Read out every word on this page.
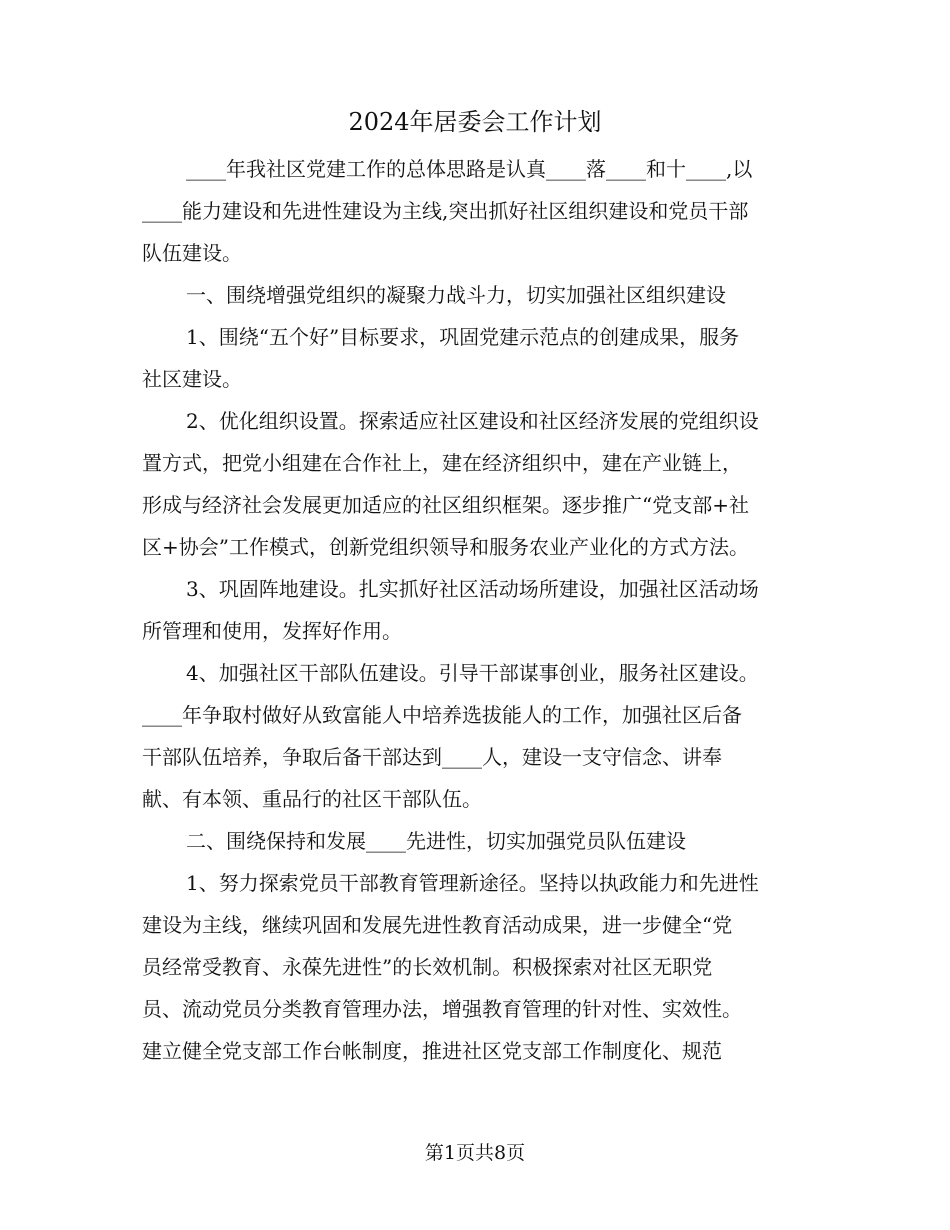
2024年居委会工作计划
____年我社区党建工作的总体思路是认真____落____和十____,以
____能力建设和先进性建设为主线,突出抓好社区组织建设和党员干部
队伍建设。
一、围绕增强党组织的凝聚力战斗力，切实加强社区组织建设
1、围绕“五个好”目标要求，巩固党建示范点的创建成果，服务
社区建设。
2、优化组织设置。探索适应社区建设和社区经济发展的党组织设
置方式，把党小组建在合作社上，建在经济组织中，建在产业链上，
形成与经济社会发展更加适应的社区组织框架。逐步推广“党支部+社
区+协会”工作模式，创新党组织领导和服务农业产业化的方式方法。
3、巩固阵地建设。扎实抓好社区活动场所建设，加强社区活动场
所管理和使用，发挥好作用。
4、加强社区干部队伍建设。引导干部谋事创业，服务社区建设。
____年争取村做好从致富能人中培养选拔能人的工作，加强社区后备
干部队伍培养，争取后备干部达到____人，建设一支守信念、讲奉
献、有本领、重品行的社区干部队伍。
二、围绕保持和发展____先进性，切实加强党员队伍建设
1、努力探索党员干部教育管理新途径。坚持以执政能力和先进性
建设为主线，继续巩固和发展先进性教育活动成果，进一步健全“党
员经常受教育、永葆先进性”的长效机制。积极探索对社区无职党
员、流动党员分类教育管理办法，增强教育管理的针对性、实效性。
建立健全党支部工作台帐制度，推进社区党支部工作制度化、规范
第1页共8页
